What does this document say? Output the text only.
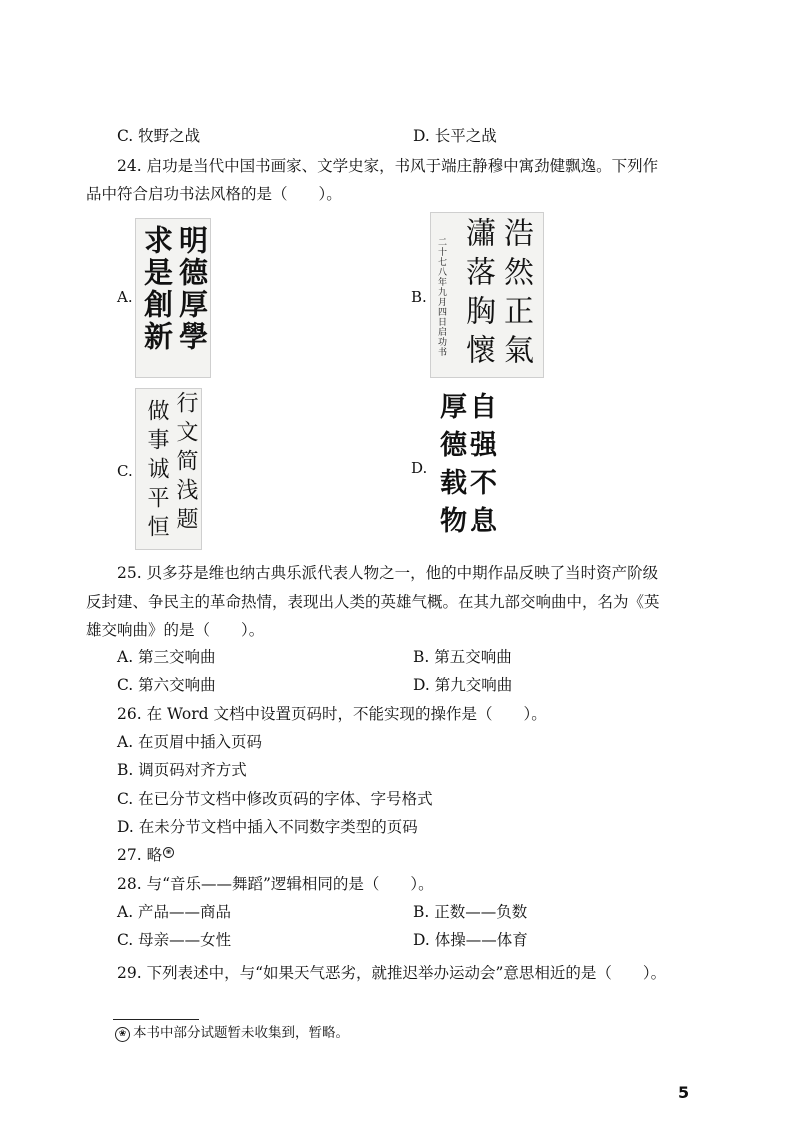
C. 牧野之战	D. 长平之战
24. 启功是当代中国书画家、文学史家，书风于端庄静穆中寓劲健飘逸。下列作
品中符合启功书法风格的是（　　）。
A. 明德厚學
求是創新	B. 浩然正氣
瀟落胸懷
二十七八年九月四日启功书
C. 行文简浅题
做事诚平恒	D. 自强不息
厚德载物
25. 贝多芬是维也纳古典乐派代表人物之一，他的中期作品反映了当时资产阶级
反封建、争民主的革命热情，表现出人类的英雄气概。在其九部交响曲中，名为《英
雄交响曲》的是（　　）。
A. 第三交响曲	B. 第五交响曲
C. 第六交响曲	D. 第九交响曲
26. 在 Word 文档中设置页码时，不能实现的操作是（　　）。
A. 在页眉中插入页码
B. 调页码对齐方式
C. 在已分节文档中修改页码的字体、字号格式
D. 在未分节文档中插入不同数字类型的页码
27. 略 ❀
28. 与“音乐——舞蹈”逻辑相同的是（　　）。
A. 产品——商品	B. 正数——负数
C. 母亲——女性	D. 体操——体育
29. 下列表述中，与“如果天气恶劣，就推迟举办运动会”意思相近的是（　　）。
❀ 本书中部分试题暂未收集到，暂略。
5
